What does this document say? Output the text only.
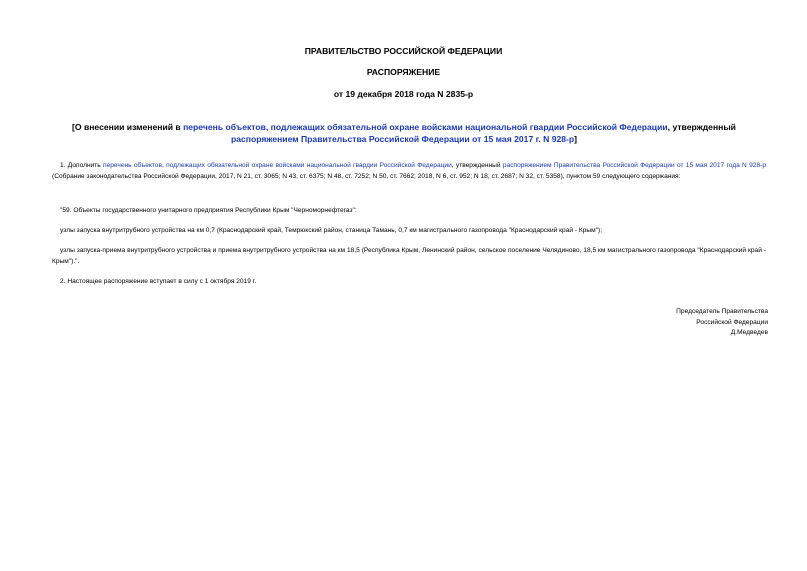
ПРАВИТЕЛЬСТВО РОССИЙСКОЙ ФЕДЕРАЦИИ
РАСПОРЯЖЕНИЕ
от 19 декабря 2018 года N 2835-р
[О внесении изменений в перечень объектов, подлежащих обязательной охране войсками национальной гвардии Российской Федерации, утвержденный распоряжением Правительства Российской Федерации от 15 мая 2017 г. N 928-р]
1. Дополнить перечень объектов, подлежащих обязательной охране войсками национальной гвардии Российской Федерации, утвержденный распоряжением Правительства Российской Федерации от 15 мая 2017 года N 928-р (Собрание законодательства Российской Федерации, 2017, N 21, ст. 3065; N 43, ст. 6375; N 48, ст. 7252; N 50, ст. 7662; 2018, N 6, ст. 952; N 18, ст. 2687; N 32, ст. 5358), пунктом 59 следующего содержания:
"59. Объекты государственного унитарного предприятия Республики Крым "Черноморнефтегаз":
узлы запуска внутритрубного устройства на км 0,7 (Краснодарский край, Темрюкский район, станица Тамань, 0,7 км магистрального газопровода "Краснодарский край - Крым");
узлы запуска-приема внутритрубного устройства и приема внутритрубного устройства на км 18,5 (Республика Крым, Ленинский район, сельское поселение Челядиново, 18,5 км магистрального газопровода "Краснодарский край - Крым").".
2. Настоящее распоряжение вступает в силу с 1 октября 2019 г.
Председатель Правительства
Российской Федерации
Д.Медведев
